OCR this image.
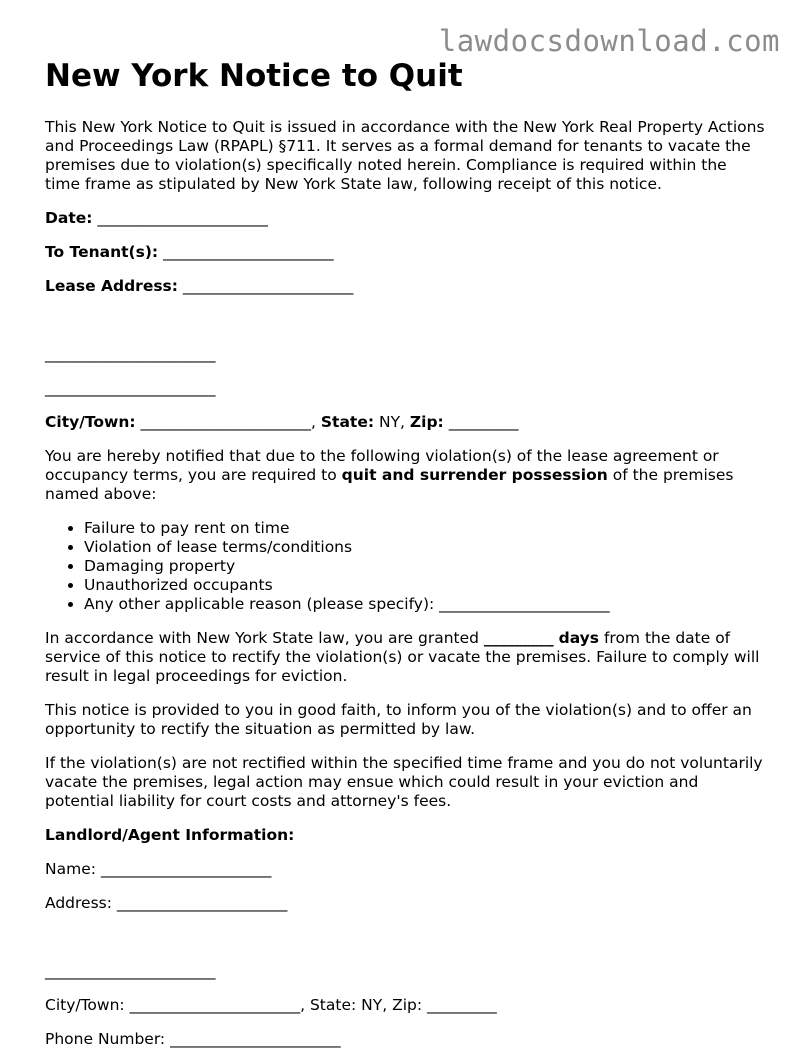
lawdocsdownload.com
New York Notice to Quit

This New York Notice to Quit is issued in accordance with the New York Real Property Actions and Proceedings Law (RPAPL) §711. It serves as a formal demand for tenants to vacate the premises due to violation(s) specifically noted herein. Compliance is required within the time frame as stipulated by New York State law, following receipt of this notice.

Date: ______________________
To Tenant(s): ______________________
Lease Address: ______________________
______________________
______________________
City/Town: ______________________, State: NY, Zip: _________

You are hereby notified that due to the following violation(s) of the lease agreement or occupancy terms, you are required to quit and surrender possession of the premises named above:

• Failure to pay rent on time
• Violation of lease terms/conditions
• Damaging property
• Unauthorized occupants
• Any other applicable reason (please specify): ______________________

In accordance with New York State law, you are granted _________ days from the date of service of this notice to rectify the violation(s) or vacate the premises. Failure to comply will result in legal proceedings for eviction.

This notice is provided to you in good faith, to inform you of the violation(s) and to offer an opportunity to rectify the situation as permitted by law.

If the violation(s) are not rectified within the specified time frame and you do not voluntarily vacate the premises, legal action may ensue which could result in your eviction and potential liability for court costs and attorney's fees.

Landlord/Agent Information:
Name: ______________________
Address: ______________________
______________________
City/Town: ______________________, State: NY, Zip: _________
Phone Number: ______________________
